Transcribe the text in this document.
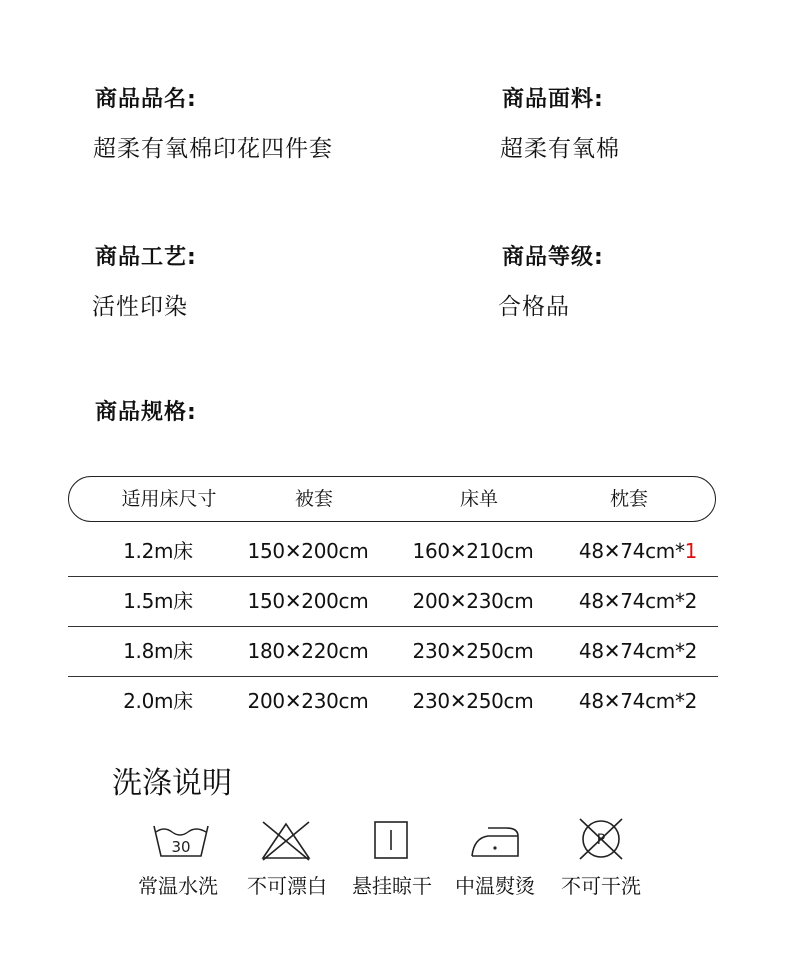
商品品名:
超柔有氧棉印花四件套
商品面料:
超柔有氧棉
商品工艺:
活性印染
商品等级:
合格品
商品规格:
适用床尺寸	被套	床单	枕套
1.2m床	150✕200cm	160✕210cm	48✕74cm*1
1.5m床	150✕200cm	200✕230cm	48✕74cm*2
1.8m床	180✕220cm	230✕250cm	48✕74cm*2
2.0m床	200✕230cm	230✕250cm	48✕74cm*2
洗涤说明
30
常温水洗	不可漂白	悬挂晾干	中温熨烫
P
不可干洗
